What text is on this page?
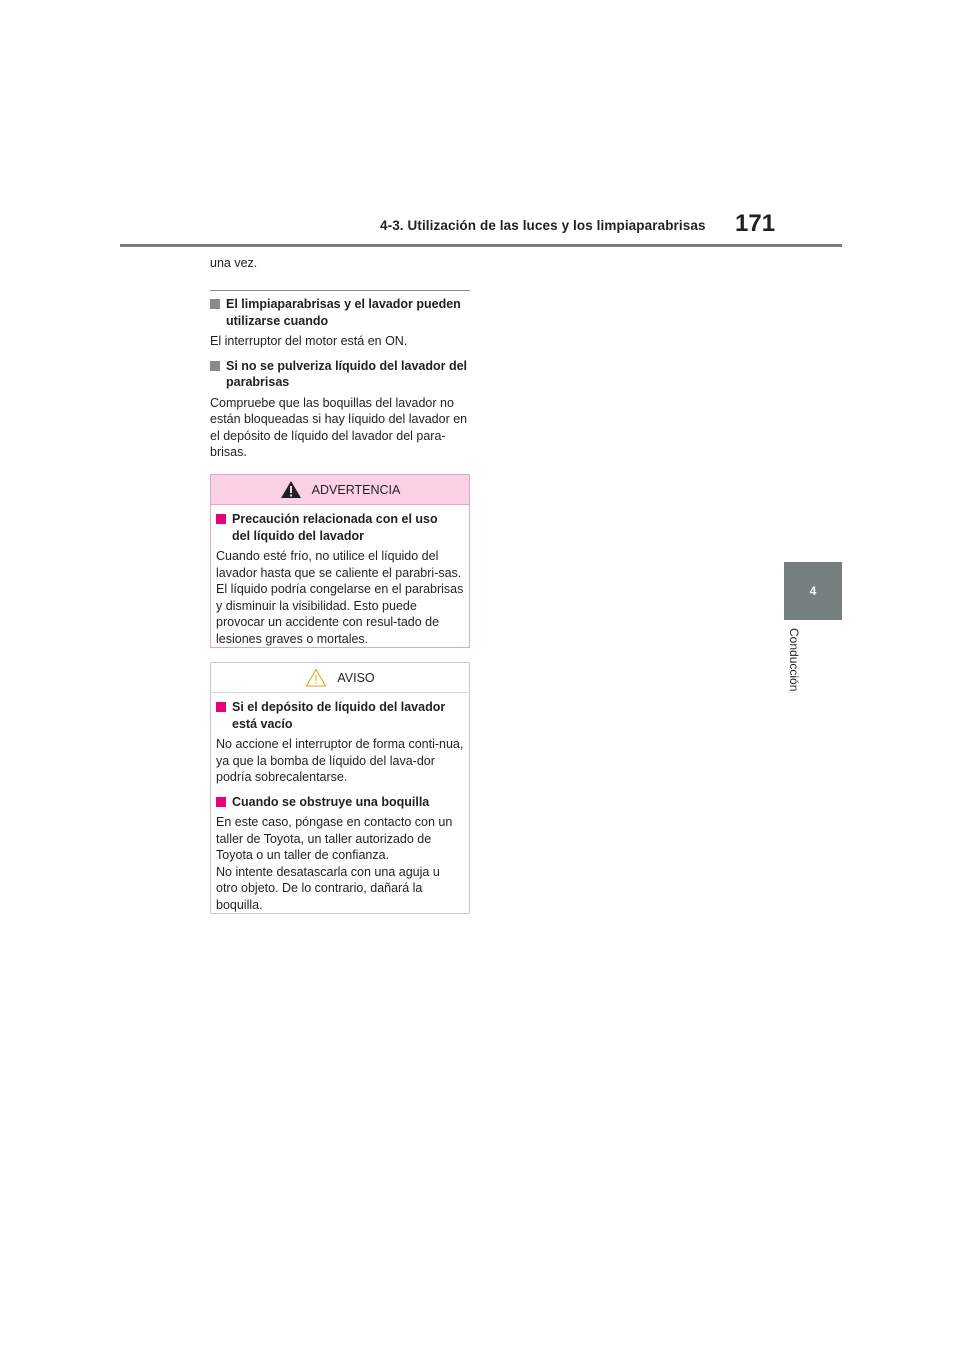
4-3. Utilización de las luces y los limpiaparabrisas 171
4
Conducción
una vez.
El limpiaparabrisas y el lavador pueden utilizarse cuando
El interruptor del motor está en ON.
Si no se pulveriza líquido del lavador del parabrisas
Compruebe que las boquillas del lavador no están bloqueadas si hay líquido del lavador en el depósito de líquido del lavador del para-brisas.
ADVERTENCIA
Precaución relacionada con el uso del líquido del lavador
Cuando esté frío, no utilice el líquido del lavador hasta que se caliente el parabri-sas. El líquido podría congelarse en el parabrisas y disminuir la visibilidad. Esto puede provocar un accidente con resul-tado de lesiones graves o mortales.
AVISO
Si el depósito de líquido del lavador está vacío
No accione el interruptor de forma conti-nua, ya que la bomba de líquido del lava-dor podría sobrecalentarse.
Cuando se obstruye una boquilla
En este caso, póngase en contacto con un taller de Toyota, un taller autorizado de Toyota o un taller de confianza.
No intente desatascarla con una aguja u otro objeto. De lo contrario, dañará la boquilla.
